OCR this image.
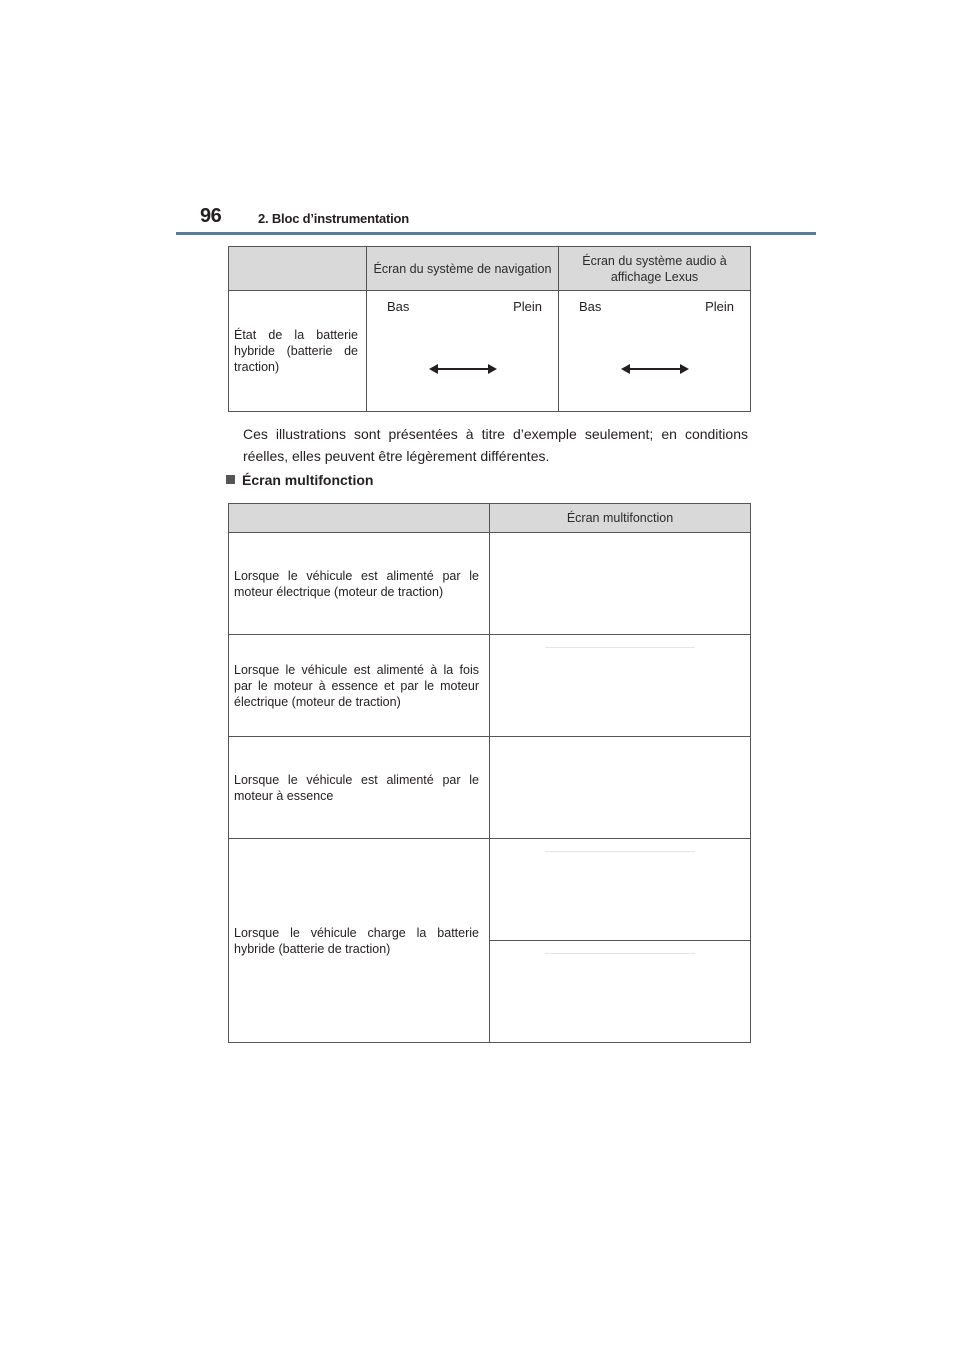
96	2. Bloc d’instrumentation
	Écran du système de navigation	Écran du système audio à affichage Lexus
État de la batterie hybride (batterie de traction)	Bas Plein	Bas Plein
Ces illustrations sont présentées à titre d’exemple seulement; en conditions réelles, elles peuvent être légèrement différentes.
Écran multifonction
	Écran multifonction
Lorsque le véhicule est alimenté par le moteur électrique (moteur de traction)	
Lorsque le véhicule est alimenté à la fois par le moteur à essence et par le moteur électrique (moteur de traction)	

Lorsque le véhicule est alimenté par le moteur à essence	
Lorsque le véhicule charge la batterie hybride (batterie de traction)	
